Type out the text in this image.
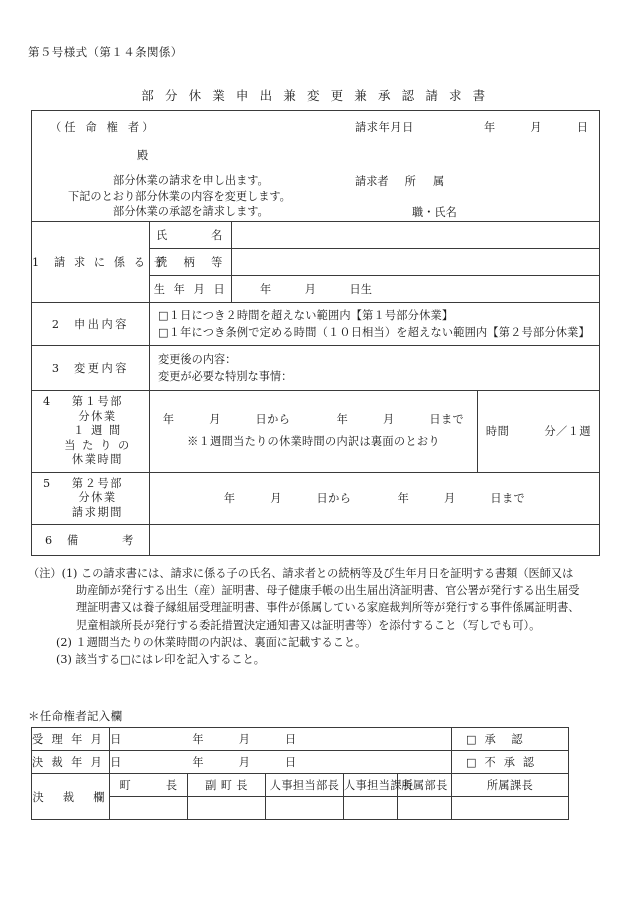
第５号様式（第１４条関係）
部 分 休 業 申 出 兼 変 更 兼 承 認 請 求 書
（任 命 権 者）	請求年月日	年　　　月　　　日
殿
部分休業の請求を申し出ます。
下記のとおり部分休業の内容を変更します。
部分休業の承認を請求します。
請求者 所　属
職・氏名

1 請 求 に 係 る 子	氏　　　名		
	続　柄　等		
	生 年 月 日	年　　　月　　　日生	
2 申出内容	□１日につき２時間を超えない範囲内【第１号部分休業】
□１年につき条例で定める時間（１０日相当）を超えない範囲内【第２号部分休業】		

3 変更内容	変更後の内容：
変更が必要な特別な事情：		

4	第１号部
分休業
１ 週 間
当 た り の
休業時間

年　　　月　　　日から　　　　年　　　月　　　日まで
※１週間当たりの休業時間の内訳は裏面のとおり
	時間　　　分／１週

5 第２号部
分休業
請求期間	年　　　月　　　日から　　　　年　　　月　　　日まで		
6 備　　　考			
（注） (1)
この請求書には、請求に係る子の氏名、請求者との続柄等及び生年月日を証明する書類（医師又は
助産師が発行する出生（産）証明書、母子健康手帳の出生届出済証明書、官公署が発行する出生届受
理証明書又は養子縁組届受理証明書、事件が係属している家庭裁判所等が発行する事件係属証明書、
児童相談所長が発行する委託措置決定通知書又は証明書等）を添付すること（写しでも可）。
(2) １週間当たりの休業時間の内訳は、裏面に記載すること。
(3) 該当する□にはレ印を記入すること。
＊任命権者記入欄
受 理 年 月 日	年　　　月　　　日					□ 承　認
決 裁 年 月 日	年　　　月　　　日					□ 不 承 認
決　裁　欄	町　　　長	副 町 長	人事担当部長	人事担当課長	所属部長	所属課長
